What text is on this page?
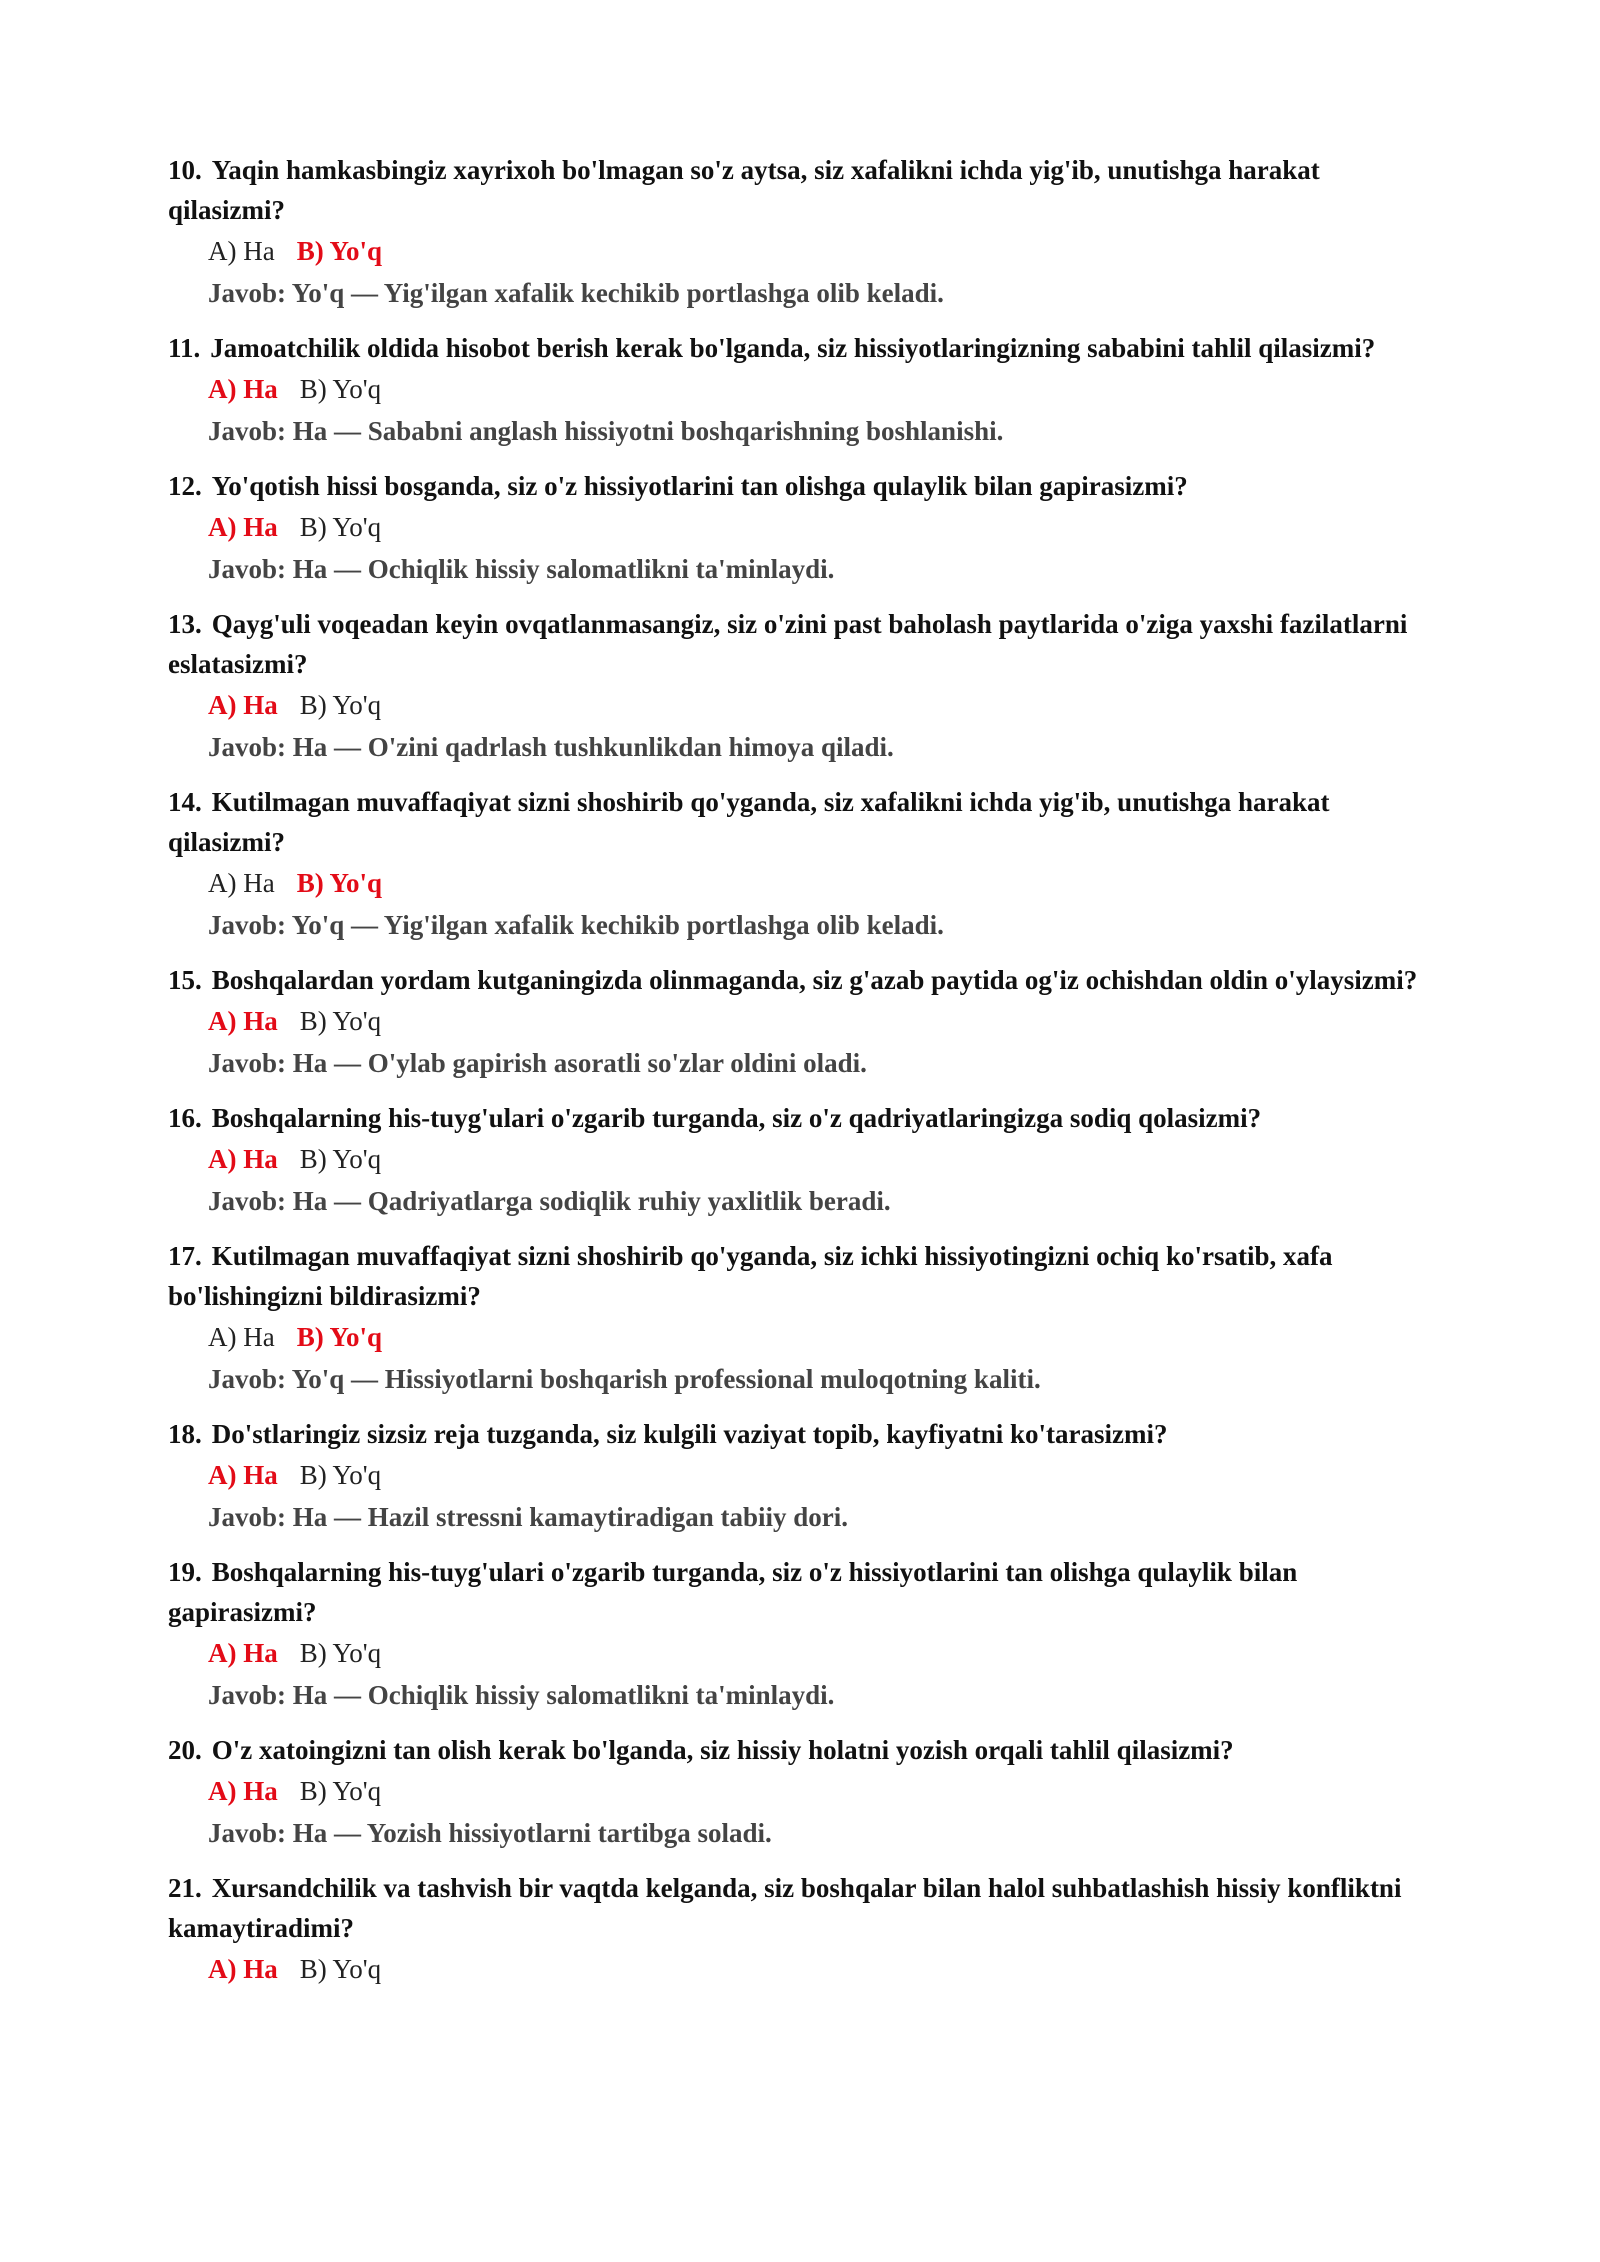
10. Yaqin hamkasbingiz xayrixoh bo'lmagan so'z aytsa, siz xafalikni ichda yig'ib, unutishga harakat qilasizmi?

A) Ha B) Yo'q
Javob: Yo'q — Yig'ilgan xafalik kechikib portlashga olib keladi.

11. Jamoatchilik oldida hisobot berish kerak bo'lganda, siz hissiyotlaringizning sababini tahlil qilasizmi?

A) Ha B) Yo'q
Javob: Ha — Sababni anglash hissiyotni boshqarishning boshlanishi.

12. Yo'qotish hissi bosganda, siz o'z hissiyotlarini tan olishga qulaylik bilan gapirasizmi?

A) Ha B) Yo'q
Javob: Ha — Ochiqlik hissiy salomatlikni ta'minlaydi.

13. Qayg'uli voqeadan keyin ovqatlanmasangiz, siz o'zini past baholash paytlarida o'ziga yaxshi fazilatlarni eslatasizmi?

A) Ha B) Yo'q
Javob: Ha — O'zini qadrlash tushkunlikdan himoya qiladi.

14. Kutilmagan muvaffaqiyat sizni shoshirib qo'yganda, siz xafalikni ichda yig'ib, unutishga harakat qilasizmi?

A) Ha B) Yo'q
Javob: Yo'q — Yig'ilgan xafalik kechikib portlashga olib keladi.

15. Boshqalardan yordam kutganingizda olinmaganda, siz g'azab paytida og'iz ochishdan oldin o'ylaysizmi?

A) Ha B) Yo'q
Javob: Ha — O'ylab gapirish asoratli so'zlar oldini oladi.

16. Boshqalarning his-tuyg'ulari o'zgarib turganda, siz o'z qadriyatlaringizga sodiq qolasizmi?

A) Ha B) Yo'q
Javob: Ha — Qadriyatlarga sodiqlik ruhiy yaxlitlik beradi.

17. Kutilmagan muvaffaqiyat sizni shoshirib qo'yganda, siz ichki hissiyotingizni ochiq ko'rsatib, xafa bo'lishingizni bildirasizmi?

A) Ha B) Yo'q
Javob: Yo'q — Hissiyotlarni boshqarish professional muloqotning kaliti.

18. Do'stlaringiz sizsiz reja tuzganda, siz kulgili vaziyat topib, kayfiyatni ko'tarasizmi?

A) Ha B) Yo'q
Javob: Ha — Hazil stressni kamaytiradigan tabiiy dori.

19. Boshqalarning his-tuyg'ulari o'zgarib turganda, siz o'z hissiyotlarini tan olishga qulaylik bilan gapirasizmi?

A) Ha B) Yo'q
Javob: Ha — Ochiqlik hissiy salomatlikni ta'minlaydi.

20. O'z xatoingizni tan olish kerak bo'lganda, siz hissiy holatni yozish orqali tahlil qilasizmi?

A) Ha B) Yo'q
Javob: Ha — Yozish hissiyotlarni tartibga soladi.

21. Xursandchilik va tashvish bir vaqtda kelganda, siz boshqalar bilan halol suhbatlashish hissiy konfliktni kamaytiradimi?

A) Ha B) Yo'q
